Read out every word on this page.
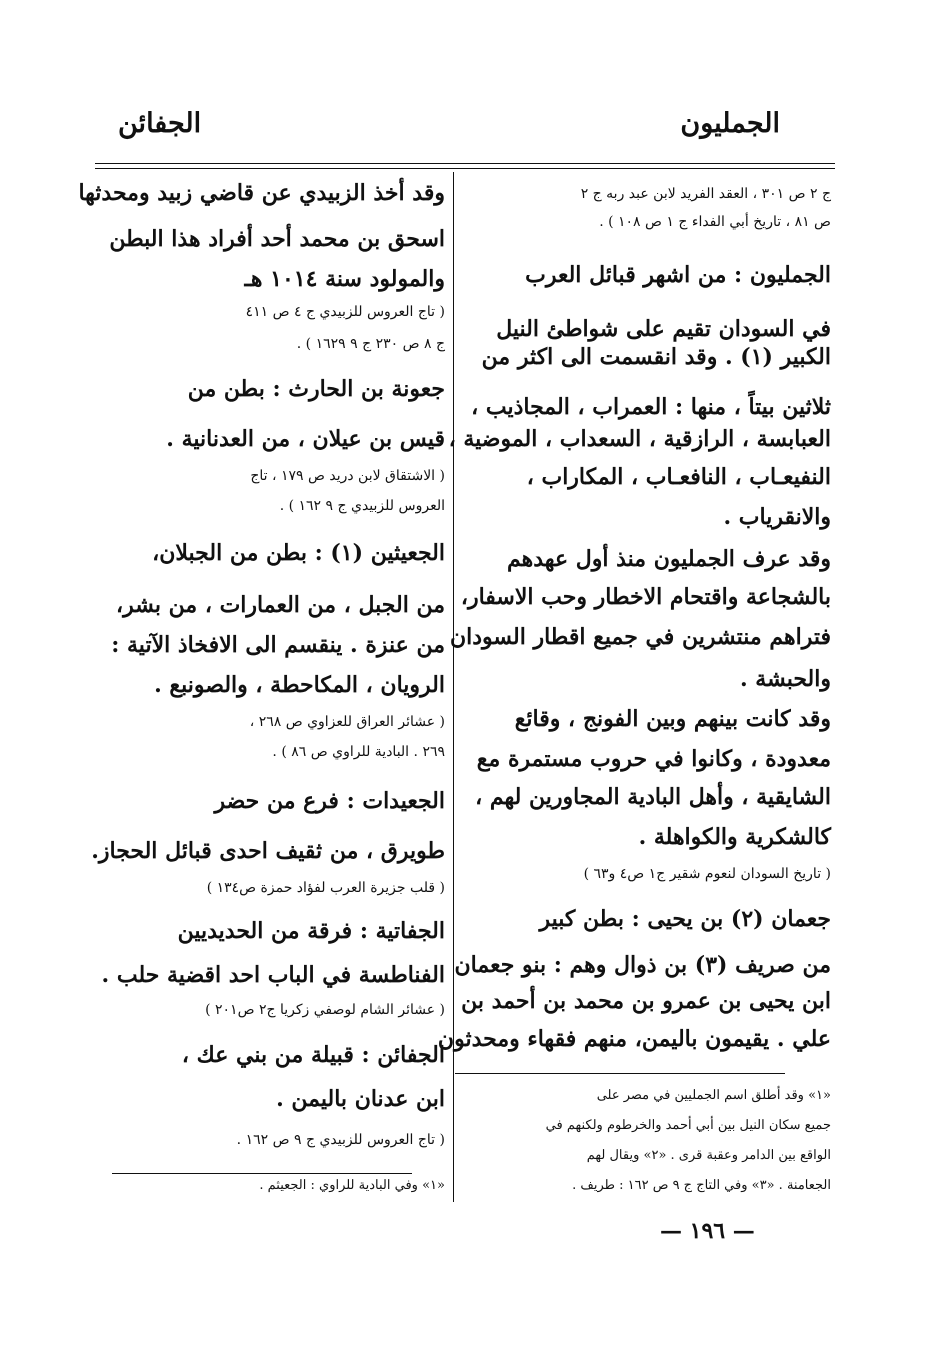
الجمليون
الجفائن
ج ٢ ص ٣٠١ ، العقد الفريد لابن عبد ربه ج ٢
ص ٨١ ، تاريخ أبي الفداء ج ١ ص ١٠٨ ) .
الجمليون : من اشهر قبائل العرب
في السودان تقيم على شواطئ النيل
الكبير (١) . وقد انقسمت الى اكثر من
ثلاثين بيتاً ، منها : العمراب ، المجاذيب ،
العبابسة ، الرازقية ، السعداب ، الموضية ،
النفيعـاب ، النافعـاب ، المكاراب ،
والانقرياب .
وقد عرف الجمليون منذ أول عهدهم
بالشجاعة واقتحام الاخطار وحب الاسفار،
فتراهم منتشرين في جميع اقطار السودان
والحبشة .
وقد كانت بينهم وبين الفونج ، وقائع
معدودة ، وكانوا في حروب مستمرة مع
الشايقية ، وأهل البادية المجاورين لهم ،
كالشكرية والكواهلة .
( تاريخ السودان لنعوم شقير ج١ ص٤ و٦٣ )
جعمان (٢) بن يحيى : بطن كبير
من صريف (٣) بن ذوال وهم : بنو جعمان
ابن يحيى بن عمرو بن محمد بن أحمد بن
علي . يقيمون باليمن، منهم فقهاء ومحدثون
«١» وقد أطلق اسم الجمليين في مصر على
جميع سكان النيل بين أبي أحمد والخرطوم ولكنهم في
الواقع بين الدامر وعقبة قرى . «٢» ويقال لهم
الجعامنة . «٣» وفي التاج ج ٩ ص ١٦٢ : طريف .
وقد أخذ الزبيدي عن قاضي زبيد ومحدثها
اسحق بن محمد أحد أفراد هذا البطن
والمولود سنة ١٠١٤ هـ
( تاج العروس للزبيدي ج ٤ ص ٤١١
ج ٨ ص ٢٣٠ ج ٩ ١٦٢٩ ) .
جعونة بن الحارث : بطن من
قيس بن عيلان ، من العدنانية .
( الاشتقاق لابن دريد ص ١٧٩ ، تاج
العروس للزبيدي ج ٩ ١٦٢ ) .
الجعيثين (١) : بطن من الجبلان،
من الجبل ، من العمارات ، من بشر،
من عنزة . ينقسم الى الافخاذ الآتية :
الرويان ، المكاحطة ، والصونبع .
( عشائر العراق للعزاوي ص ٢٦٨ ،
٢٦٩ . البادية للراوي ص ٨٦ ) .
الجعيدات : فرع من حضر
طويرق ، من ثقيف احدى قبائل الحجاز.
( قلب جزيرة العرب لفؤاد حمزة ص١٣٤ )
الجفاتية : فرقة من الحديديين
الفناطسة في الباب احد اقضية حلب .
( عشائر الشام لوصفي زكريا ج٢ ص٢٠١ )
الجفائن : قبيلة من بني عك ،
ابن عدنان باليمن .
( تاج العروس للزبيدي ج ٩ ص ١٦٢ .
«١» وفي البادية للراوي : الجعيثم .
— ١٩٦ —
